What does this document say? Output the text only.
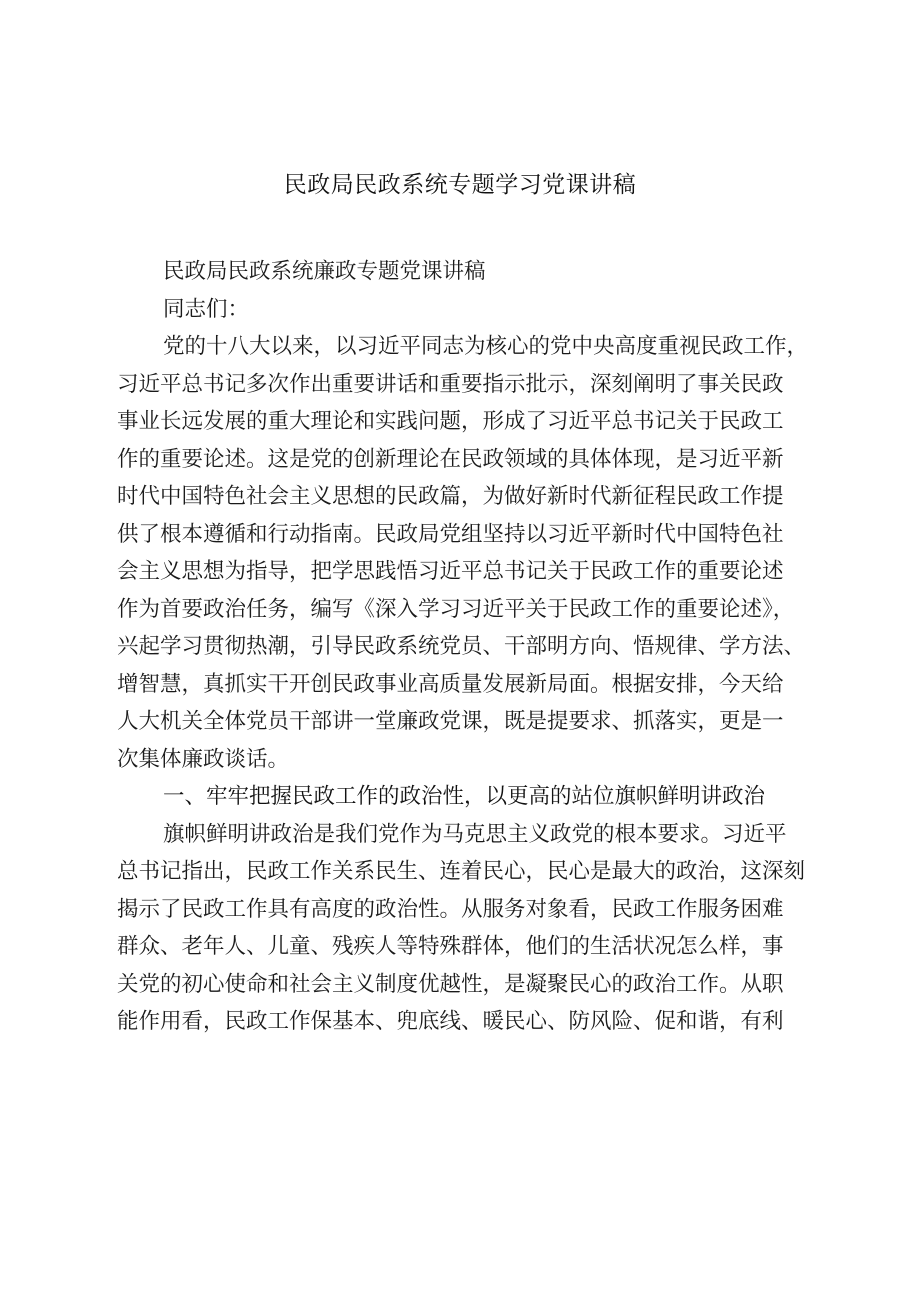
民政局民政系统专题学习党课讲稿
民政局民政系统廉政专题党课讲稿
同志们：
党的十八大以来，以习近平同志为核心的党中央高度重视民政工作，
习近平总书记多次作出重要讲话和重要指示批示，深刻阐明了事关民政
事业长远发展的重大理论和实践问题，形成了习近平总书记关于民政工
作的重要论述。这是党的创新理论在民政领域的具体体现，是习近平新
时代中国特色社会主义思想的民政篇，为做好新时代新征程民政工作提
供了根本遵循和行动指南。民政局党组坚持以习近平新时代中国特色社
会主义思想为指导，把学思践悟习近平总书记关于民政工作的重要论述
作为首要政治任务，编写《深入学习习近平关于民政工作的重要论述》，
兴起学习贯彻热潮，引导民政系统党员、干部明方向、悟规律、学方法、
增智慧，真抓实干开创民政事业高质量发展新局面。根据安排，今天给
人大机关全体党员干部讲一堂廉政党课，既是提要求、抓落实，更是一
次集体廉政谈话。
一、牢牢把握民政工作的政治性，以更高的站位旗帜鲜明讲政治
旗帜鲜明讲政治是我们党作为马克思主义政党的根本要求。习近平
总书记指出，民政工作关系民生、连着民心，民心是最大的政治，这深刻
揭示了民政工作具有高度的政治性。从服务对象看，民政工作服务困难
群众、老年人、儿童、残疾人等特殊群体，他们的生活状况怎么样，事
关党的初心使命和社会主义制度优越性，是凝聚民心的政治工作。从职
能作用看，民政工作保基本、兜底线、暖民心、防风险、促和谐，有利
